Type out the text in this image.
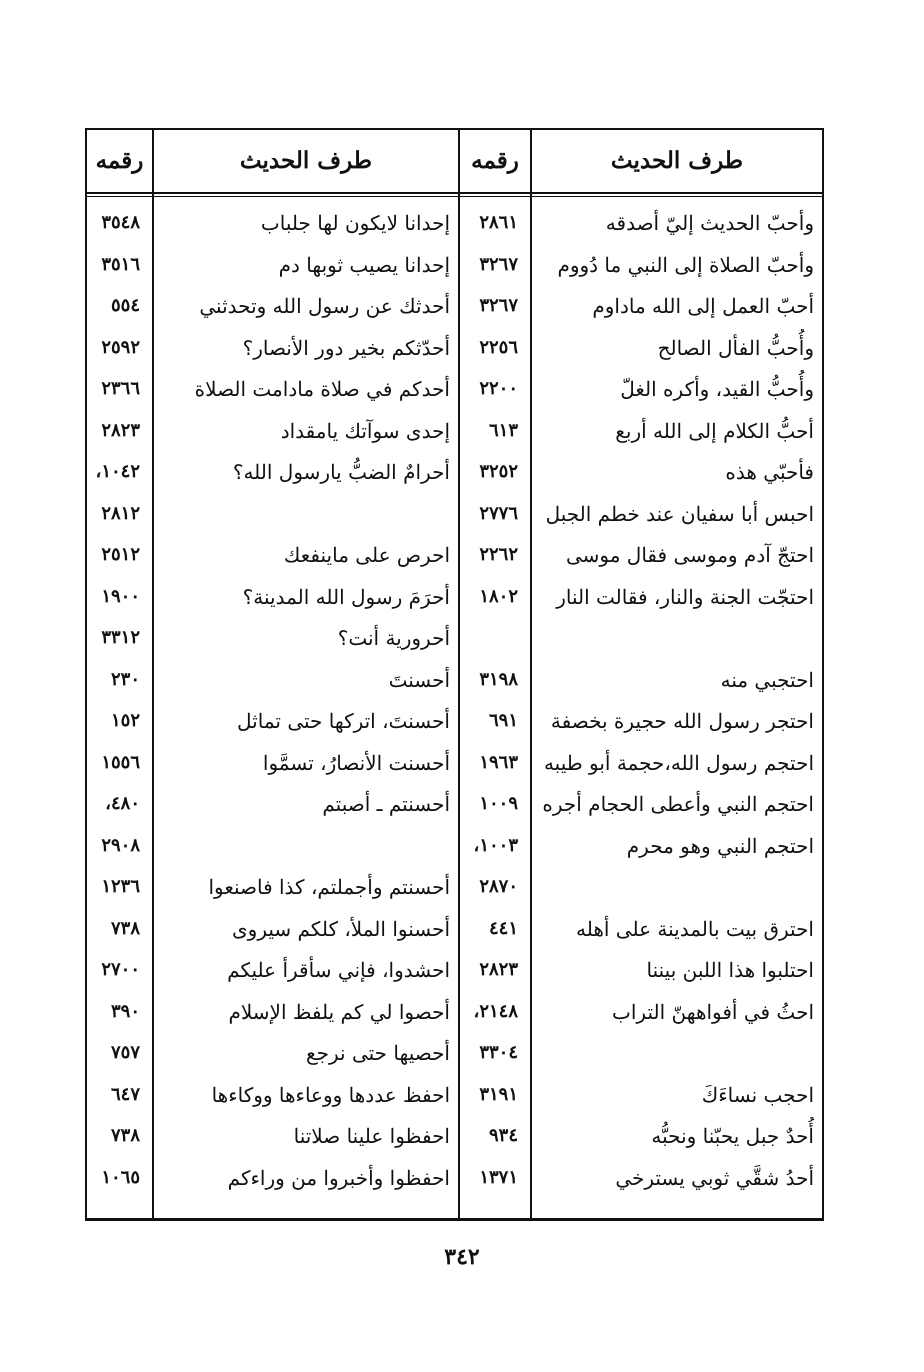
طرف الحديث
رقمه
طرف الحديث
رقمه
وأحبّ الحديث إليّ أصدقه
٢٨٦١
إحدانا لايكون لها جلباب
٣٥٤٨
وأحبّ الصلاة إلى النبي ما دُووم
٣٢٦٧
إحدانا يصيب ثوبها دم
٣٥١٦
أحبّ العمل إلى الله ماداوم
٣٢٦٧
أحدثك عن رسول الله وتحدثني
٥٥٤
وأُحبُّ الفأل الصالح
٢٢٥٦
أحدّثكم بخير دور الأنصار؟
٢٥٩٢
وأُحبُّ القيد، وأكره الغلّ
٢٢٠٠
أحدكم في صلاة مادامت الصلاة
٢٣٦٦
أحبُّ الكلام إلى الله أربع
٦١٣
إحدى سوآتك يامقداد
٢٨٢٣
فأحبّي هذه
٣٢٥٢
أحرامٌ الضبُّ يارسول الله؟
١٠٤٢،
احبس أبا سفيان عند خطم الجبل
٢٧٧٦
٢٨١٢
احتجّ آدم وموسى فقال موسى
٢٢٦٢
احرص على ماينفعك
٢٥١٢
احتجّت الجنة والنار، فقالت النار
١٨٠٢
أحرَمَ رسول الله المدينة؟
١٩٠٠
أحرورية أنت؟
٣٣١٢
احتجبي منه
٣١٩٨
أحسنتَ
٢٣٠
احتجر رسول الله حجيرة بخصفة
٦٩١
أحسنتَ، اتركها حتى تماثل
١٥٢
احتجم رسول الله،حجمة أبو طيبه
١٩٦٣
أحسنت الأنصارُ، تسمَّوا
١٥٥٦
احتجم النبي وأعطى الحجام أجره
١٠٠٩
أحسنتم ـ أصبتم
٤٨٠،
احتجم النبي وهو محرم
١٠٠٣،
٢٩٠٨
٢٨٧٠
أحسنتم وأجملتم، كذا فاصنعوا
١٢٣٦
احترق بيت بالمدينة على أهله
٤٤١
أحسنوا الملأ، كلكم سيروى
٧٣٨
احتلبوا هذا اللبن بيننا
٢٨٢٣
احشدوا، فإني سأقرأ عليكم
٢٧٠٠
احثُ في أفواههنّ التراب
٢١٤٨،
أحصوا لي كم يلفظ الإسلام
٣٩٠
٣٣٠٤
أحصيها حتى نرجع
٧٥٧
احجب نساءَكَ
٣١٩١
احفظ عددها ووعاءها ووكاءها
٦٤٧
أُحدٌ جبل يحبّنا ونحبُّه
٩٣٤
احفظوا علينا صلاتنا
٧٣٨
أحدُ شقَّي ثوبي يسترخي
١٣٧١
احفظوا وأخبروا من وراءكم
١٠٦٥
٣٤٢
